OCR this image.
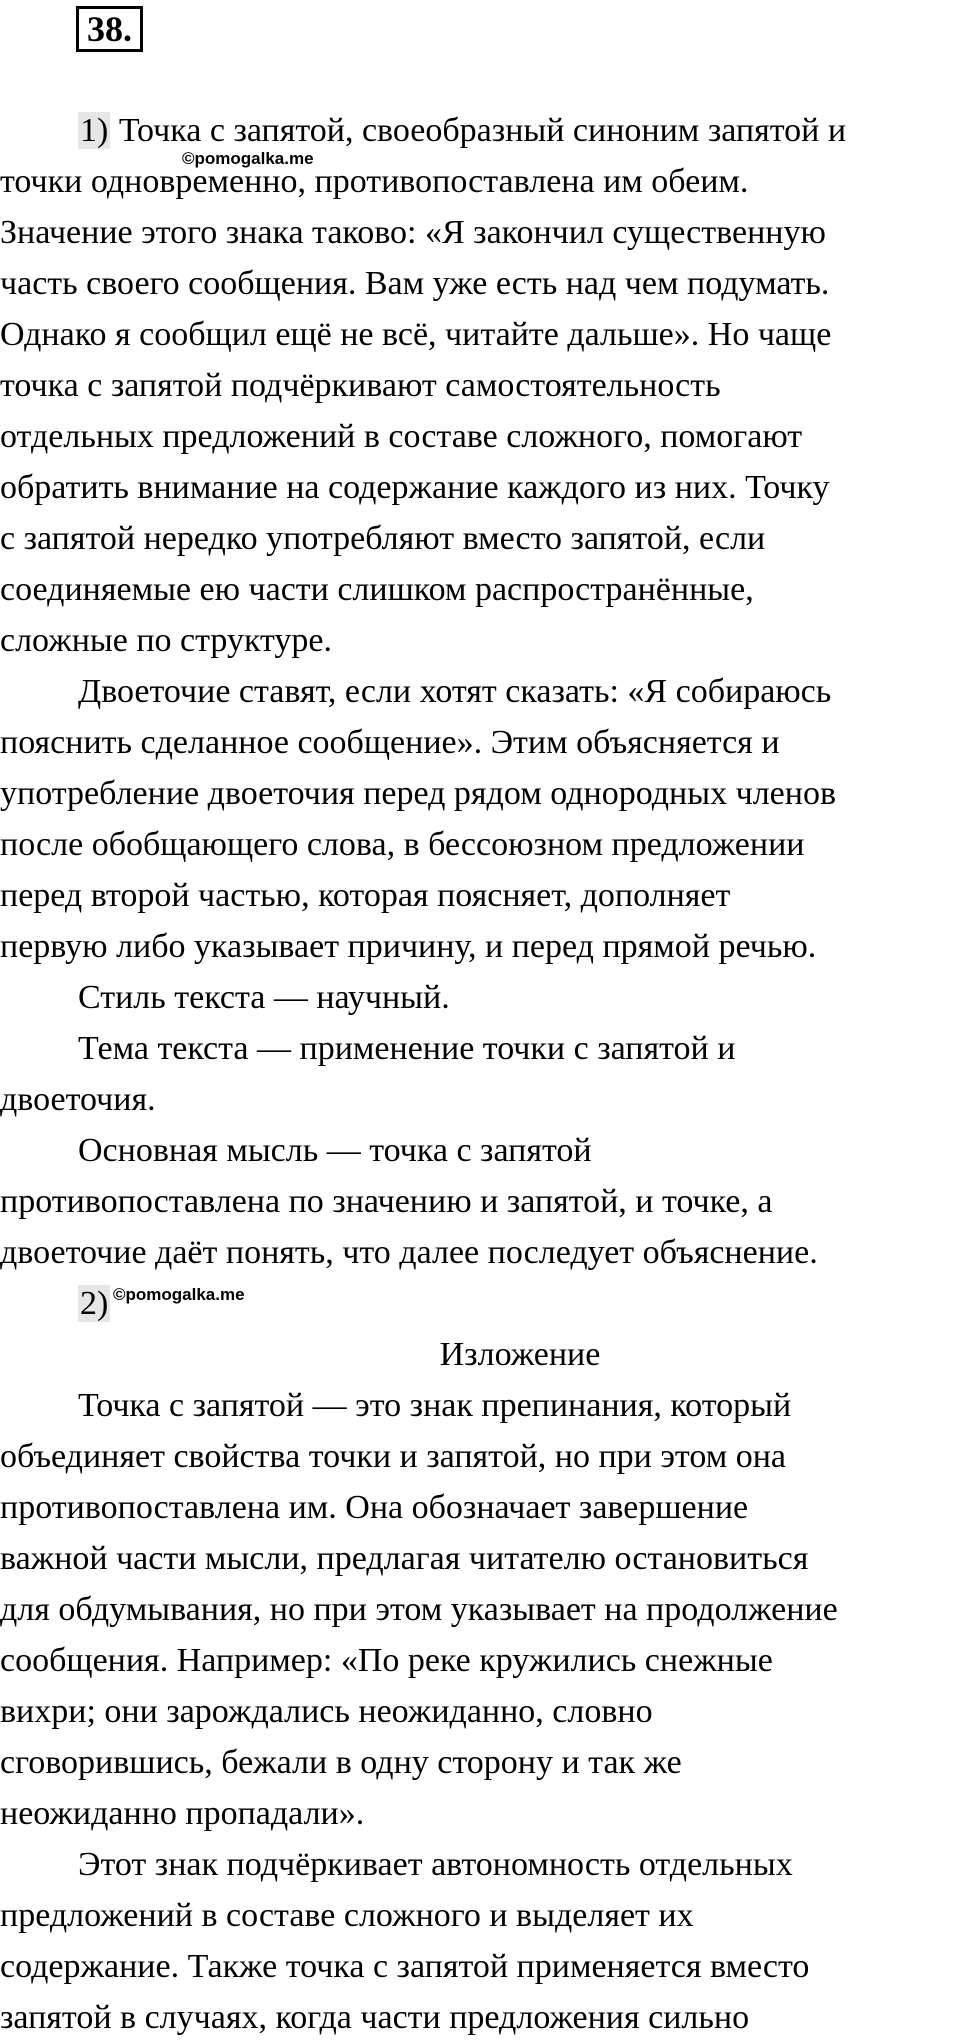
38.
©pomogalka.me
©pomogalka.me
1) Точка с запятой, своеобразный синоним запятой и
точки одновременно, противопоставлена им обеим.
Значение этого знака таково: «Я закончил существенную
часть своего сообщения. Вам уже есть над чем подумать.
Однако я сообщил ещё не всё, читайте дальше». Но чаще
точка с запятой подчёркивают самостоятельность
отдельных предложений в составе сложного, помогают
обратить внимание на содержание каждого из них. Точку
с запятой нередко употребляют вместо запятой, если
соединяемые ею части слишком распространённые,
сложные по структуре.
Двоеточие ставят, если хотят сказать: «Я собираюсь
пояснить сделанное сообщение». Этим объясняется и
употребление двоеточия перед рядом однородных членов
после обобщающего слова, в бессоюзном предложении
перед второй частью, которая поясняет, дополняет
первую либо указывает причину, и перед прямой речью.
Стиль текста — научный.
Тема текста — применение точки с запятой и
двоеточия.
Основная мысль — точка с запятой
противопоставлена по значению и запятой, и точке, а
двоеточие даёт понять, что далее последует объяснение.
2)
Изложение
Точка с запятой — это знак препинания, который
объединяет свойства точки и запятой, но при этом она
противопоставлена им. Она обозначает завершение
важной части мысли, предлагая читателю остановиться
для обдумывания, но при этом указывает на продолжение
сообщения. Например: «По реке кружились снежные
вихри; они зарождались неожиданно, словно
сговорившись, бежали в одну сторону и так же
неожиданно пропадали».
Этот знак подчёркивает автономность отдельных
предложений в составе сложного и выделяет их
содержание. Также точка с запятой применяется вместо
запятой в случаях, когда части предложения сильно
